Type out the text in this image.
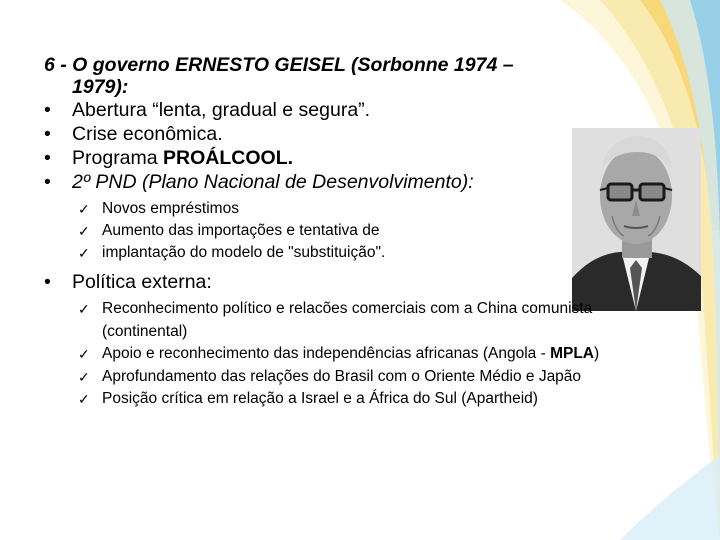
6 - O governo ERNESTO GEISEL (Sorbonne 1974 –
1979):

• Abertura “lenta, gradual e segura”.
• Crise econômica.
• Programa PROÁLCOOL.
• 2º PND (Plano Nacional de Desenvolvimento):
✓ Novos empréstimos
✓ Aumento das importações e tentativa de
✓ implantação do modelo de "substituição".
• Política externa:
✓ Reconhecimento político e relacões comerciais com a China comunista (continental)
✓ Apoio e reconhecimento das independências africanas (Angola - MPLA)
✓ Aprofundamento das relações do Brasil com o Oriente Médio e Japão
✓ Posição crítica em relação a Israel e a África do Sul (Apartheid)
